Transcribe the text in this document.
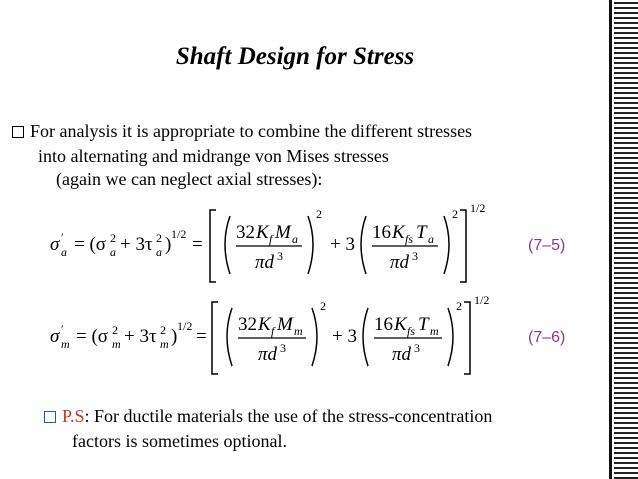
Shaft Design for Stress
For analysis it is appropriate to combine the different stresses
into alternating and midrange von Mises stresses
(again we can neglect axial stresses):
σ ′
a = (σ 2
a + 3τ 2
a ) 1/2 =
32 K f M a
πd 3
2
+ 3
16 K fs T a
πd 3
2 1/2
(7–5)
σ ′
m = (σ 2
m + 3τ 2
m ) 1/2 =
32 K f M m
πd 3
2
+ 3
16 K fs T m
πd 3
2 1/2
(7–6)
P.S: For ductile materials the use of the stress-concentration
factors is sometimes optional.
